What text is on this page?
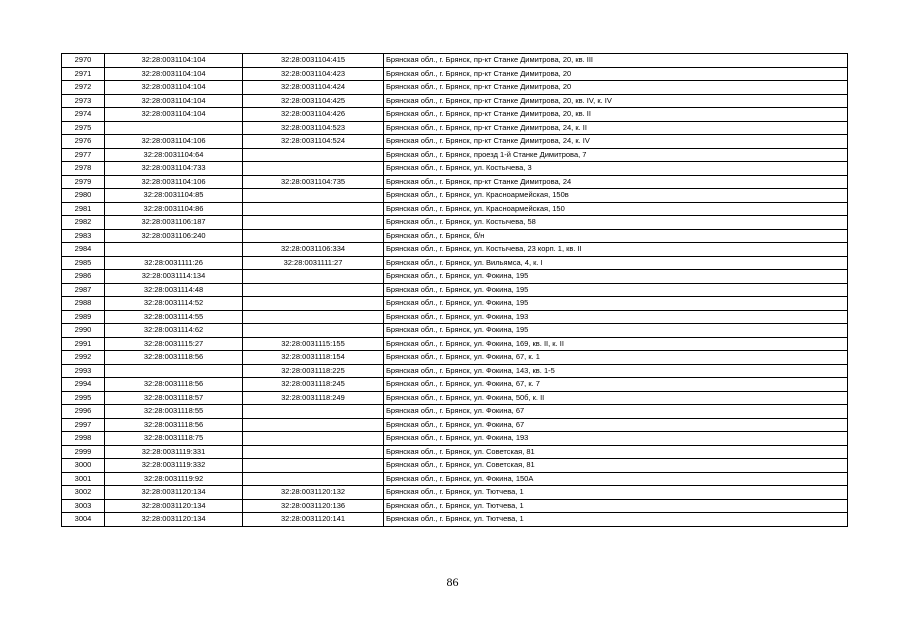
2970	32:28:0031104:104	32:28:0031104:415	Брянская обл., г. Брянск, пр-кт Станке Димитрова, 20, кв. III
2971	32:28:0031104:104	32:28:0031104:423	Брянская обл., г. Брянск, пр-кт Станке Димитрова, 20
2972	32:28:0031104:104	32:28:0031104:424	Брянская обл., г. Брянск, пр-кт Станке Димитрова, 20
2973	32:28:0031104:104	32:28:0031104:425	Брянская обл., г. Брянск, пр-кт Станке Димитрова, 20, кв. IV, к. IV
2974	32:28:0031104:104	32:28:0031104:426	Брянская обл., г. Брянск, пр-кт Станке Димитрова, 20, кв. II
2975		32:28:0031104:523	Брянская обл., г. Брянск, пр-кт Станке Димитрова, 24, к. II
2976	32:28:0031104:106	32:28:0031104:524	Брянская обл., г. Брянск, пр-кт Станке Димитрова, 24, к. IV
2977	32:28:0031104:64		Брянская обл., г. Брянск, проезд 1-й Станке Димитрова, 7
2978	32:28:0031104:733		Брянская обл., г. Брянск, ул. Костычева, 3
2979	32:28:0031104:106	32:28:0031104:735	Брянская обл., г. Брянск, пр-кт Станке Димитрова, 24
2980	32:28:0031104:85		Брянская обл., г. Брянск, ул. Красноармейская, 150в
2981	32:28:0031104:86		Брянская обл., г. Брянск, ул. Красноармейская, 150
2982	32:28:0031106:187		Брянская обл., г. Брянск, ул. Костычева, 58
2983	32:28:0031106:240		Брянская обл., г. Брянск, б/н
2984		32:28:0031106:334	Брянская обл., г. Брянск, ул. Костычева, 23 корп. 1, кв. II
2985	32:28:0031111:26	32:28:0031111:27	Брянская обл., г. Брянск, ул. Вильямса, 4, к. I
2986	32:28:0031114:134		Брянская обл., г. Брянск, ул. Фокина, 195
2987	32:28:0031114:48		Брянская обл., г. Брянск, ул. Фокина, 195
2988	32:28:0031114:52		Брянская обл., г. Брянск, ул. Фокина, 195
2989	32:28:0031114:55		Брянская обл., г. Брянск, ул. Фокина, 193
2990	32:28:0031114:62		Брянская обл., г. Брянск, ул. Фокина, 195
2991	32:28:0031115:27	32:28:0031115:155	Брянская обл., г. Брянск, ул. Фокина, 169, кв. II, к. II
2992	32:28:0031118:56	32:28:0031118:154	Брянская обл., г. Брянск, ул. Фокина, 67, к. 1
2993		32:28:0031118:225	Брянская обл., г. Брянск, ул. Фокина, 143, кв. 1-5
2994	32:28:0031118:56	32:28:0031118:245	Брянская обл., г. Брянск, ул. Фокина, 67, к. 7
2995	32:28:0031118:57	32:28:0031118:249	Брянская обл., г. Брянск, ул. Фокина, 50б, к. II
2996	32:28:0031118:55		Брянская обл., г. Брянск, ул. Фокина, 67
2997	32:28:0031118:56		Брянская обл., г. Брянск, ул. Фокина, 67
2998	32:28:0031118:75		Брянская обл., г. Брянск, ул. Фокина, 193
2999	32:28:0031119:331		Брянская обл., г. Брянск, ул. Советская, 81
3000	32:28:0031119:332		Брянская обл., г. Брянск, ул. Советская, 81
3001	32:28:0031119:92		Брянская обл., г. Брянск, ул. Фокина, 150А
3002	32:28:0031120:134	32:28:0031120:132	Брянская обл., г. Брянск, ул. Тютчева, 1
3003	32:28:0031120:134	32:28:0031120:136	Брянская обл., г. Брянск, ул. Тютчева, 1
3004	32:28:0031120:134	32:28:0031120:141	Брянская обл., г. Брянск, ул. Тютчева, 1
86
